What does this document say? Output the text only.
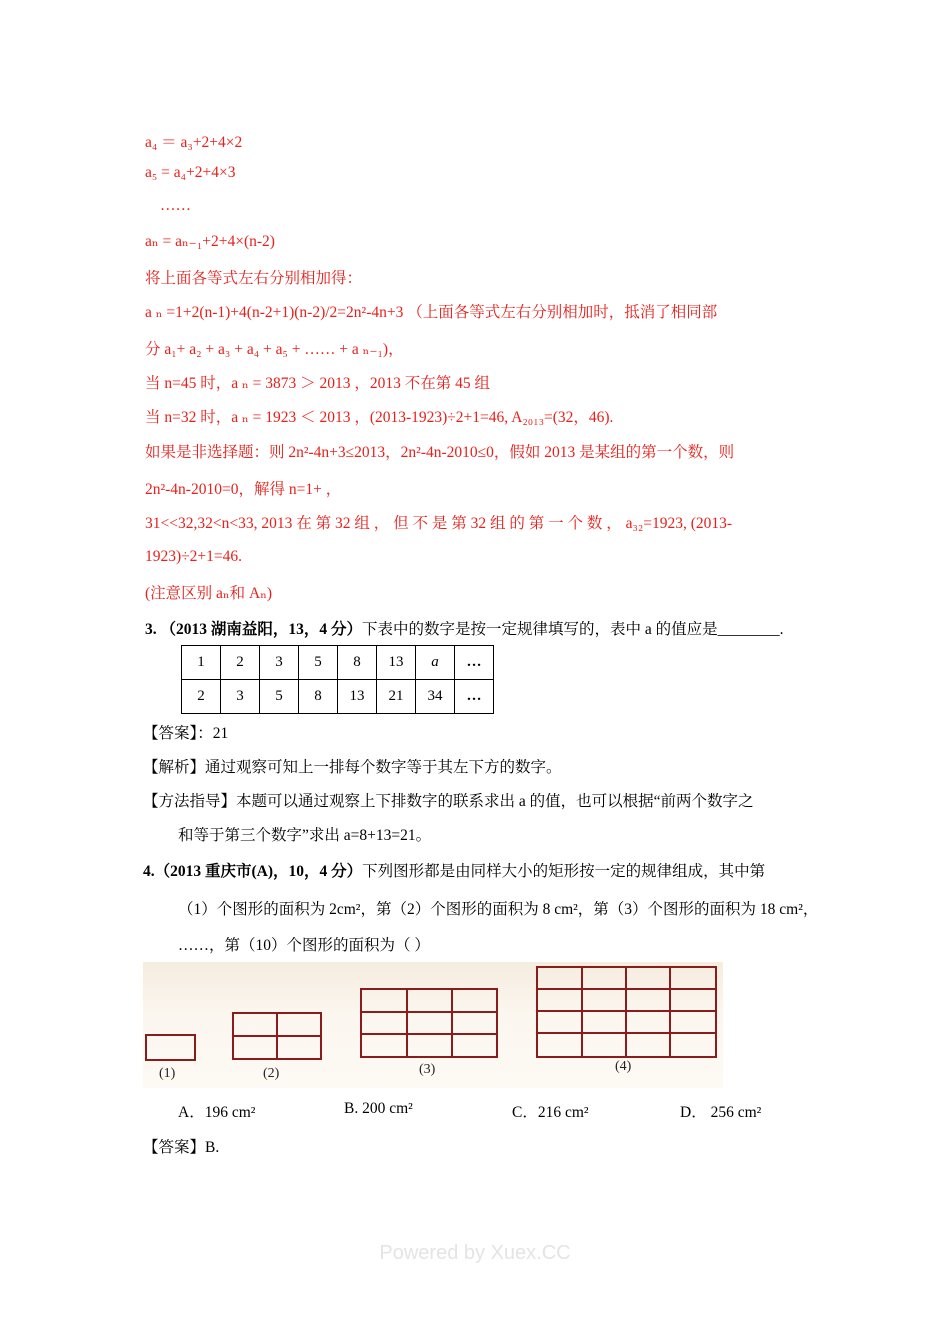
a₄ ＝ a₃+2+4×2
a₅ = a₄+2+4×3
……
aₙ = aₙ₋₁+2+4×(n-2)
将上面各等式左右分别相加得：
a ₙ =1+2(n-1)+4(n-2+1)(n-2)/2=2n²-4n+3 （上面各等式左右分别相加时，抵消了相同部
分 a₁+ a₂ + a₃ + a₄ + a₅ + …… + a ₙ₋₁)，
当 n=45 时，a ₙ = 3873 ＞ 2013 ，2013 不在第 45 组
当 n=32 时，a ₙ = 1923 ＜ 2013 ，(2013-1923)÷2+1=46, A₂₀₁₃=(32，46).
如果是非选择题：则 2n²-4n+3≤2013，2n²-4n-2010≤0，假如 2013 是某组的第一个数，则
2n²-4n-2010=0，解得 n=1+ ，
31<<32,32<n<33, 2013 在 第 32 组 ， 但 不 是 第 32 组 的 第 一 个 数 ， a₃₂=1923, (2013-
1923)÷2+1=46.
(注意区别 aₙ和 Aₙ)
3. （2013 湖南益阳，13，4 分）下表中的数字是按一定规律填写的，表中 a 的值应是________.
1	2	3	5	8	13	a	…
2	3	5	8	13	21	34	…
【答案】：21
【解析】通过观察可知上一排每个数字等于其左下方的数字。
【方法指导】本题可以通过观察上下排数字的联系求出 a 的值，也可以根据“前两个数字之
和等于第三个数字”求出 a=8+13=21。
4.（2013 重庆市(A)，10，4 分）下列图形都是由同样大小的矩形按一定的规律组成，其中第
（1）个图形的面积为 2cm²，第（2）个图形的面积为 8 cm²，第（3）个图形的面积为 18 cm²，
……，第（10）个图形的面积为（ ）
(1)	(2)	(3)	(4)
A．196 cm²	B. 200 cm²	C．216 cm²	D． 256 cm²
【答案】B.
Powered by Xuex.CC
